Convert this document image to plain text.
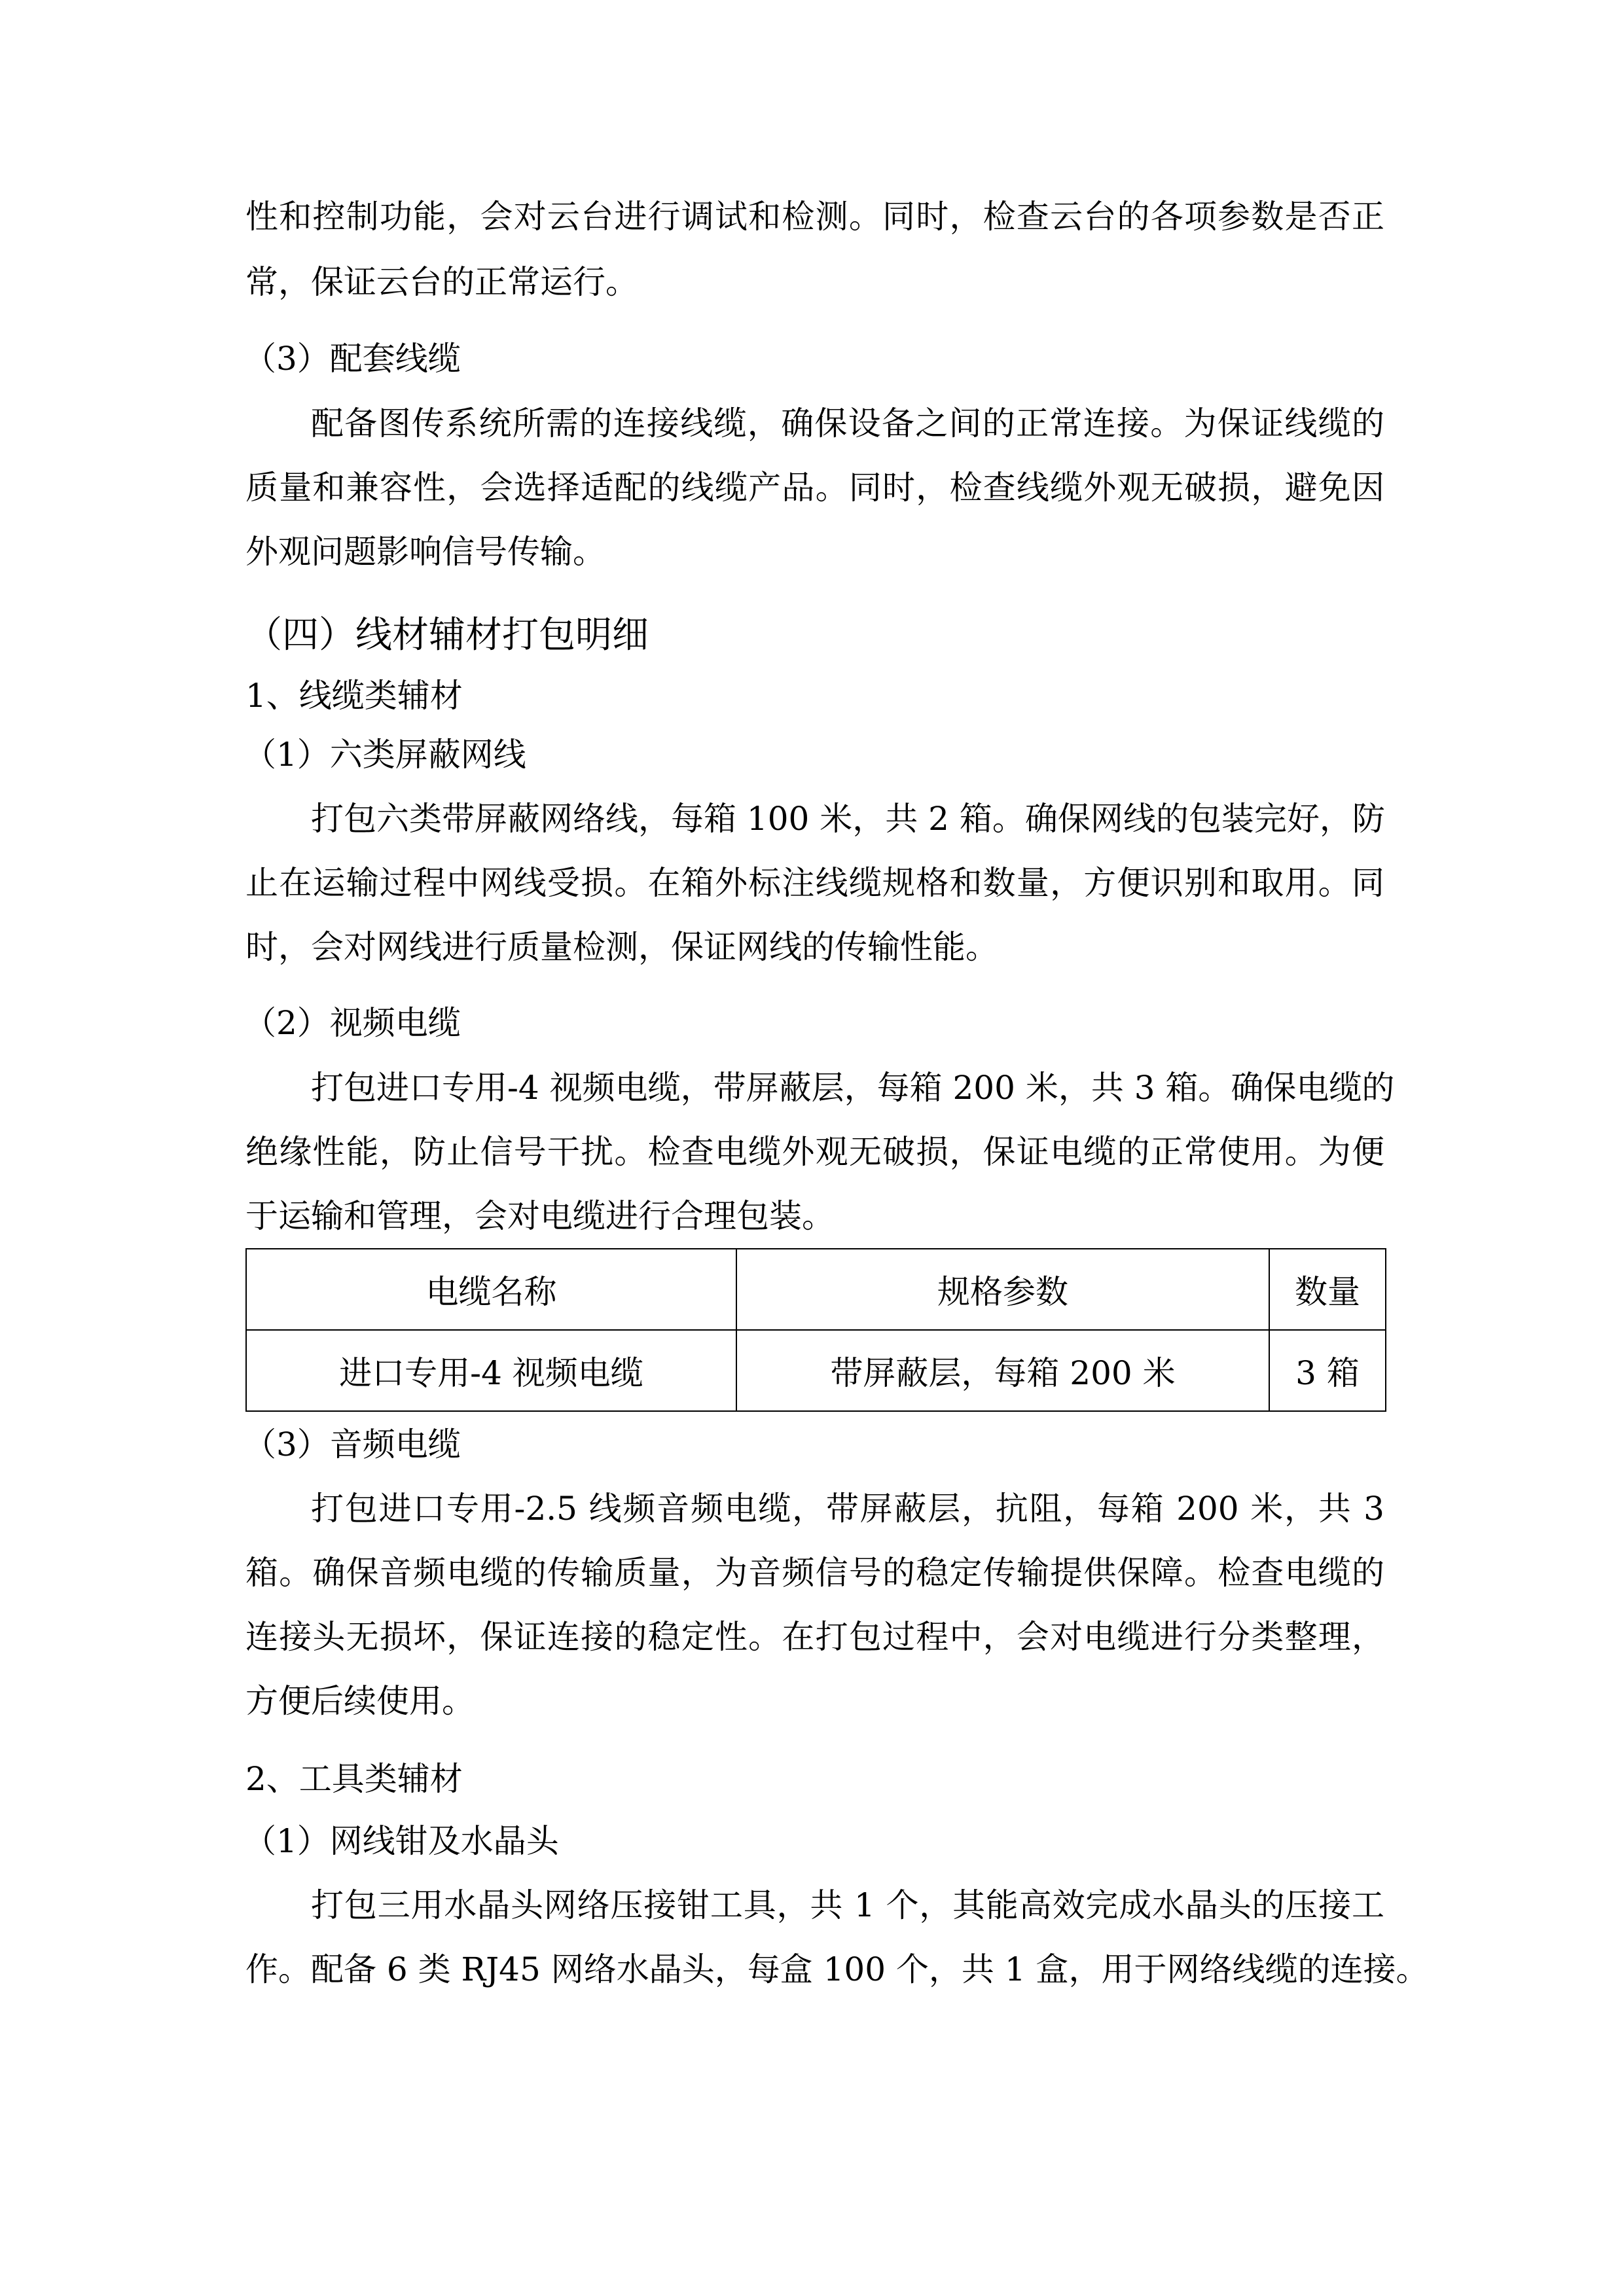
性和控制功能，会对云台进行调试和检测。同时，检查云台的各项参数是否正
常，保证云台的正常运行。
（3）配套线缆
配备图传系统所需的连接线缆，确保设备之间的正常连接。为保证线缆的
质量和兼容性，会选择适配的线缆产品。同时，检查线缆外观无破损，避免因
外观问题影响信号传输。
（四）线材辅材打包明细
1、线缆类辅材
（1）六类屏蔽网线
打包六类带屏蔽网络线，每箱 100 米，共 2 箱。确保网线的包装完好，防
止在运输过程中网线受损。在箱外标注线缆规格和数量，方便识别和取用。同
时，会对网线进行质量检测，保证网线的传输性能。
（2）视频电缆
打包进口专用-4 视频电缆，带屏蔽层，每箱 200 米，共 3 箱。确保电缆的
绝缘性能，防止信号干扰。检查电缆外观无破损，保证电缆的正常使用。为便
于运输和管理，会对电缆进行合理包装。
电缆名称	规格参数	数量
进口专用-4 视频电缆	带屏蔽层，每箱 200 米	3 箱
（3）音频电缆
打包进口专用-2.5 线频音频电缆，带屏蔽层，抗阻，每箱 200 米，共 3
箱。确保音频电缆的传输质量，为音频信号的稳定传输提供保障。检查电缆的
连接头无损坏，保证连接的稳定性。在打包过程中，会对电缆进行分类整理，
方便后续使用。
2、工具类辅材
（1）网线钳及水晶头
打包三用水晶头网络压接钳工具，共 1 个，其能高效完成水晶头的压接工
作。配备 6 类 RJ45 网络水晶头，每盒 100 个，共 1 盒，用于网络线缆的连接。
